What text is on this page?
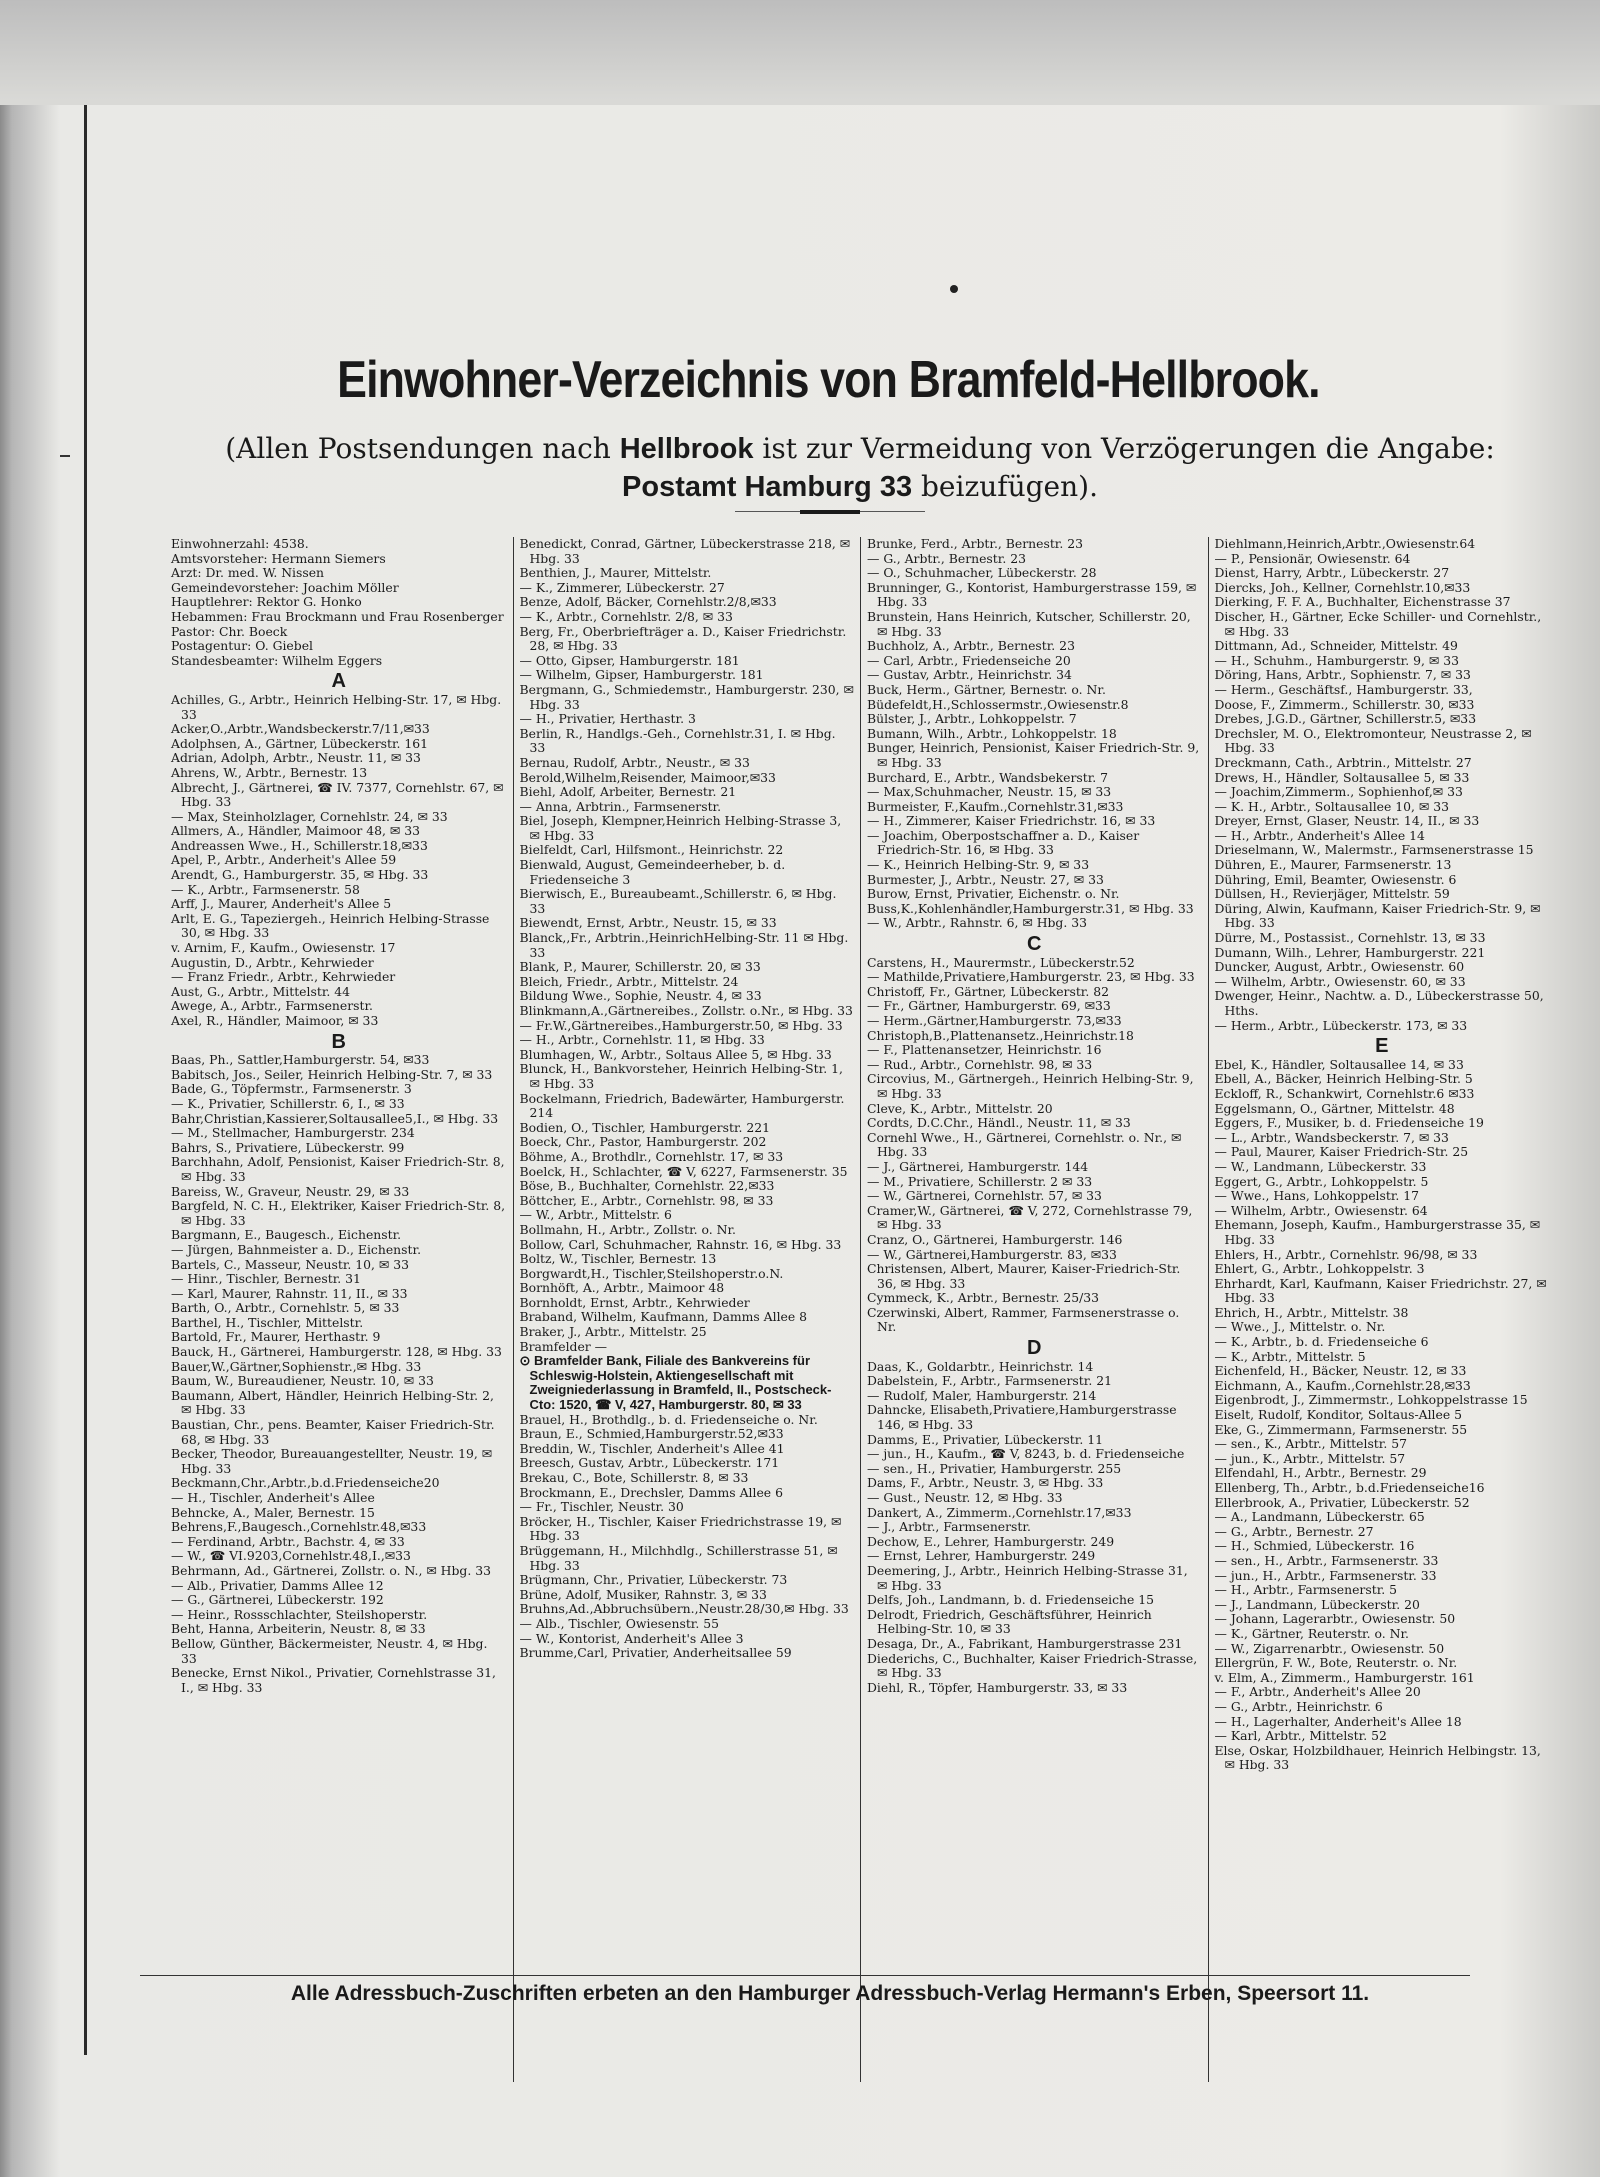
Einwohner-Verzeichnis von Bramfeld-Hellbrook.
(Allen Postsendungen nach Hellbrook ist zur Vermeidung von Verzögerungen die Angabe:
Postamt Hamburg 33 beizufügen).
Einwohnerzahl: 4538.
Amtsvorsteher: Hermann Siemers
Arzt: Dr. med. W. Nissen
Gemeindevorsteher: Joachim Möller
Hauptlehrer: Rektor G. Honko
Hebammen: Frau Brockmann und Frau Rosenberger
Pastor: Chr. Boeck
Postagentur: O. Giebel
Standesbeamter: Wilhelm Eggers
A
Achilles, G., Arbtr., Heinrich Helbing-Str. 17, ✉ Hbg. 33
Acker,O.,Arbtr.,Wandsbeckerstr.7/11,✉33
Adolphsen, A., Gärtner, Lübeckerstr. 161
Adrian, Adolph, Arbtr., Neustr. 11, ✉ 33
Ahrens, W., Arbtr., Bernestr. 13
Albrecht, J., Gärtnerei, ☎ IV. 7377, Cornehlstr. 67, ✉ Hbg. 33
— Max, Steinholzlager, Cornehlstr. 24, ✉ 33
Allmers, A., Händler, Maimoor 48, ✉ 33
Andreassen Wwe., H., Schillerstr.18,✉33
Apel, P., Arbtr., Anderheit's Allee 59
Arendt, G., Hamburgerstr. 35, ✉ Hbg. 33
— K., Arbtr., Farmsenerstr. 58
Arff, J., Maurer, Anderheit's Allee 5
Arlt, E. G., Tapeziergeh., Heinrich Helbing-Strasse 30, ✉ Hbg. 33
v. Arnim, F., Kaufm., Owiesenstr. 17
Augustin, D., Arbtr., Kehrwieder
— Franz Friedr., Arbtr., Kehrwieder
Aust, G., Arbtr., Mittelstr. 44
Awege, A., Arbtr., Farmsenerstr.
Axel, R., Händler, Maimoor, ✉ 33
B
Baas, Ph., Sattler,Hamburgerstr. 54, ✉33
Babitsch, Jos., Seiler, Heinrich Helbing-Str. 7, ✉ 33
Bade, G., Töpfermstr., Farmsenerstr. 3
— K., Privatier, Schillerstr. 6, I., ✉ 33
Bahr,Christian,Kassierer,Soltausallee5,I., ✉ Hbg. 33
— M., Stellmacher, Hamburgerstr. 234
Bahrs, S., Privatiere, Lübeckerstr. 99
Barchhahn, Adolf, Pensionist, Kaiser Friedrich-Str. 8, ✉ Hbg. 33
Bareiss, W., Graveur, Neustr. 29, ✉ 33
Bargfeld, N. C. H., Elektriker, Kaiser Friedrich-Str. 8, ✉ Hbg. 33
Bargmann, E., Baugesch., Eichenstr.
— Jürgen, Bahnmeister a. D., Eichenstr.
Bartels, C., Masseur, Neustr. 10, ✉ 33
— Hinr., Tischler, Bernestr. 31
— Karl, Maurer, Rahnstr. 11, II., ✉ 33
Barth, O., Arbtr., Cornehlstr. 5, ✉ 33
Barthel, H., Tischler, Mittelstr.
Bartold, Fr., Maurer, Herthastr. 9
Bauck, H., Gärtnerei, Hamburgerstr. 128, ✉ Hbg. 33
Bauer,W.,Gärtner,Sophienstr.,✉ Hbg. 33
Baum, W., Bureaudiener, Neustr. 10, ✉ 33
Baumann, Albert, Händler, Heinrich Helbing-Str. 2, ✉ Hbg. 33
Baustian, Chr., pens. Beamter, Kaiser Friedrich-Str. 68, ✉ Hbg. 33
Becker, Theodor, Bureauangestellter, Neustr. 19, ✉ Hbg. 33
Beckmann,Chr.,Arbtr.,b.d.Friedenseiche20
— H., Tischler, Anderheit's Allee
Behncke, A., Maler, Bernestr. 15
Behrens,F.,Baugesch.,Cornehlstr.48,✉33
— Ferdinand, Arbtr., Bachstr. 4, ✉ 33
— W., ☎ VI.9203,Cornehlstr.48,I.,✉33
Behrmann, Ad., Gärtnerei, Zollstr. o. N., ✉ Hbg. 33
— Alb., Privatier, Damms Allee 12
— G., Gärtnerei, Lübeckerstr. 192
— Heinr., Rossschlachter, Steilshoperstr.
Beht, Hanna, Arbeiterin, Neustr. 8, ✉ 33
Bellow, Günther, Bäckermeister, Neustr. 4, ✉ Hbg. 33
Benecke, Ernst Nikol., Privatier, Cornehlstrasse 31, I., ✉ Hbg. 33
Benedickt, Conrad, Gärtner, Lübeckerstrasse 218, ✉ Hbg. 33
Benthien, J., Maurer, Mittelstr.
— K., Zimmerer, Lübeckerstr. 27
Benze, Adolf, Bäcker, Cornehlstr.2/8,✉33
— K., Arbtr., Cornehlstr. 2/8, ✉ 33
Berg, Fr., Oberbriefträger a. D., Kaiser Friedrichstr. 28, ✉ Hbg. 33
— Otto, Gipser, Hamburgerstr. 181
— Wilhelm, Gipser, Hamburgerstr. 181
Bergmann, G., Schmiedemstr., Hamburgerstr. 230, ✉ Hbg. 33
— H., Privatier, Herthastr. 3
Berlin, R., Handlgs.-Geh., Cornehlstr.31, I. ✉ Hbg. 33
Bernau, Rudolf, Arbtr., Neustr., ✉ 33
Berold,Wilhelm,Reisender, Maimoor,✉33
Biehl, Adolf, Arbeiter, Bernestr. 21
— Anna, Arbtrin., Farmsenerstr.
Biel, Joseph, Klempner,Heinrich Helbing-Strasse 3, ✉ Hbg. 33
Bielfeldt, Carl, Hilfsmont., Heinrichstr. 22
Bienwald, August, Gemeindeerheber, b. d. Friedenseiche 3
Bierwisch, E., Bureaubeamt.,Schillerstr. 6, ✉ Hbg. 33
Biewendt, Ernst, Arbtr., Neustr. 15, ✉ 33
Blanck,,Fr., Arbtrin.,HeinrichHelbing-Str. 11 ✉ Hbg. 33
Blank, P., Maurer, Schillerstr. 20, ✉ 33
Bleich, Friedr., Arbtr., Mittelstr. 24
Bildung Wwe., Sophie, Neustr. 4, ✉ 33
Blinkmann,A.,Gärtnereibes., Zollstr. o.Nr., ✉ Hbg. 33
— Fr.W.,Gärtnereibes.,Hamburgerstr.50, ✉ Hbg. 33
— H., Arbtr., Cornehlstr. 11, ✉ Hbg. 33
Blumhagen, W., Arbtr., Soltaus Allee 5, ✉ Hbg. 33
Blunck, H., Bankvorsteher, Heinrich Helbing-Str. 1, ✉ Hbg. 33
Bockelmann, Friedrich, Badewärter, Hamburgerstr. 214
Bodien, O., Tischler, Hamburgerstr. 221
Boeck, Chr., Pastor, Hamburgerstr. 202
Böhme, A., Brothdlr., Cornehlstr. 17, ✉ 33
Boelck, H., Schlachter, ☎ V, 6227, Farmsenerstr. 35
Böse, B., Buchhalter, Cornehlstr. 22,✉33
Böttcher, E., Arbtr., Cornehlstr. 98, ✉ 33
— W., Arbtr., Mittelstr. 6
Bollmahn, H., Arbtr., Zollstr. o. Nr.
Bollow, Carl, Schuhmacher, Rahnstr. 16, ✉ Hbg. 33
Boltz, W., Tischler, Bernestr. 13
Borgwardt,H., Tischler,Steilshoperstr.o.N.
Bornhöft, A., Arbtr., Maimoor 48
Bornholdt, Ernst, Arbtr., Kehrwieder
Braband, Wilhelm, Kaufmann, Damms Allee 8
Braker, J., Arbtr., Mittelstr. 25
Bramfelder —
⊙ Bramfelder Bank, Filiale des Bankvereins für Schleswig-Holstein, Aktiengesellschaft mit Zweigniederlassung in Bramfeld, II., Postscheck-Cto: 1520, ☎ V, 427, Hamburgerstr. 80, ✉ 33
Brauel, H., Brothdlg., b. d. Friedenseiche o. Nr.
Braun, E., Schmied,Hamburgerstr.52,✉33
Breddin, W., Tischler, Anderheit's Allee 41
Breesch, Gustav, Arbtr., Lübeckerstr. 171
Brekau, C., Bote, Schillerstr. 8, ✉ 33
Brockmann, E., Drechsler, Damms Allee 6
— Fr., Tischler, Neustr. 30
Bröcker, H., Tischler, Kaiser Friedrichstrasse 19, ✉ Hbg. 33
Brüggemann, H., Milchhdlg., Schillerstrasse 51, ✉ Hbg. 33
Brügmann, Chr., Privatier, Lübeckerstr. 73
Brüne, Adolf, Musiker, Rahnstr. 3, ✉ 33
Bruhns,Ad.,Abbruchsübern.,Neustr.28/30,✉ Hbg. 33
— Alb., Tischler, Owiesenstr. 55
— W., Kontorist, Anderheit's Allee 3
Brumme,Carl, Privatier, Anderheitsallee 59
Brunke, Ferd., Arbtr., Bernestr. 23
— G., Arbtr., Bernestr. 23
— O., Schuhmacher, Lübeckerstr. 28
Brunninger, G., Kontorist, Hamburgerstrasse 159, ✉ Hbg. 33
Brunstein, Hans Heinrich, Kutscher, Schillerstr. 20, ✉ Hbg. 33
Buchholz, A., Arbtr., Bernestr. 23
— Carl, Arbtr., Friedenseiche 20
— Gustav, Arbtr., Heinrichstr. 34
Buck, Herm., Gärtner, Bernestr. o. Nr.
Büdefeldt,H.,Schlossermstr.,Owiesenstr.8
Bülster, J., Arbtr., Lohkoppelstr. 7
Bumann, Wilh., Arbtr., Lohkoppelstr. 18
Bunger, Heinrich, Pensionist, Kaiser Friedrich-Str. 9, ✉ Hbg. 33
Burchard, E., Arbtr., Wandsbekerstr. 7
— Max,Schuhmacher, Neustr. 15, ✉ 33
Burmeister, F.,Kaufm.,Cornehlstr.31,✉33
— H., Zimmerer, Kaiser Friedrichstr. 16, ✉ 33
— Joachim, Oberpostschaffner a. D., Kaiser Friedrich-Str. 16, ✉ Hbg. 33
— K., Heinrich Helbing-Str. 9, ✉ 33
Burmester, J., Arbtr., Neustr. 27, ✉ 33
Burow, Ernst, Privatier, Eichenstr. o. Nr.
Buss,K.,Kohlenhändler,Hamburgerstr.31, ✉ Hbg. 33
— W., Arbtr., Rahnstr. 6, ✉ Hbg. 33
C
Carstens, H., Maurermstr., Lübeckerstr.52
— Mathilde,Privatiere,Hamburgerstr. 23, ✉ Hbg. 33
Christoff, Fr., Gärtner, Lübeckerstr. 82
— Fr., Gärtner, Hamburgerstr. 69, ✉33
— Herm.,Gärtner,Hamburgerstr. 73,✉33
Christoph,B.,Plattenansetz.,Heinrichstr.18
— F., Plattenansetzer, Heinrichstr. 16
— Rud., Arbtr., Cornehlstr. 98, ✉ 33
Circovius, M., Gärtnergeh., Heinrich Helbing-Str. 9, ✉ Hbg. 33
Cleve, K., Arbtr., Mittelstr. 20
Cordts, D.C.Chr., Händl., Neustr. 11, ✉ 33
Cornehl Wwe., H., Gärtnerei, Cornehlstr. o. Nr., ✉ Hbg. 33
— J., Gärtnerei, Hamburgerstr. 144
— M., Privatiere, Schillerstr. 2 ✉ 33
— W., Gärtnerei, Cornehlstr. 57, ✉ 33
Cramer,W., Gärtnerei, ☎ V, 272, Cornehlstrasse 79, ✉ Hbg. 33
Cranz, O., Gärtnerei, Hamburgerstr. 146
— W., Gärtnerei,Hamburgerstr. 83, ✉33
Christensen, Albert, Maurer, Kaiser-Friedrich-Str. 36, ✉ Hbg. 33
Cymmeck, K., Arbtr., Bernestr. 25/33
Czerwinski, Albert, Rammer, Farmsenerstrasse o. Nr.
D
Daas, K., Goldarbtr., Heinrichstr. 14
Dabelstein, F., Arbtr., Farmsenerstr. 21
— Rudolf, Maler, Hamburgerstr. 214
Dahncke, Elisabeth,Privatiere,Hamburgerstrasse 146, ✉ Hbg. 33
Damms, E., Privatier, Lübeckerstr. 11
— jun., H., Kaufm., ☎ V, 8243, b. d. Friedenseiche
— sen., H., Privatier, Hamburgerstr. 255
Dams, F., Arbtr., Neustr. 3, ✉ Hbg. 33
— Gust., Neustr. 12, ✉ Hbg. 33
Dankert, A., Zimmerm.,Cornehlstr.17,✉33
— J., Arbtr., Farmsenerstr.
Dechow, E., Lehrer, Hamburgerstr. 249
— Ernst, Lehrer, Hamburgerstr. 249
Deemering, J., Arbtr., Heinrich Helbing-Strasse 31, ✉ Hbg. 33
Delfs, Joh., Landmann, b. d. Friedenseiche 15
Delrodt, Friedrich, Geschäftsführer, Heinrich Helbing-Str. 10, ✉ 33
Desaga, Dr., A., Fabrikant, Hamburgerstrasse 231
Diederichs, C., Buchhalter, Kaiser Friedrich-Strasse, ✉ Hbg. 33
Diehl, R., Töpfer, Hamburgerstr. 33, ✉ 33
Diehlmann,Heinrich,Arbtr.,Owiesenstr.64
— P., Pensionär, Owiesenstr. 64
Dienst, Harry, Arbtr., Lübeckerstr. 27
Diercks, Joh., Kellner, Cornehlstr.10,✉33
Dierking, F. F. A., Buchhalter, Eichenstrasse 37
Discher, H., Gärtner, Ecke Schiller- und Cornehlstr., ✉ Hbg. 33
Dittmann, Ad., Schneider, Mittelstr. 49
— H., Schuhm., Hamburgerstr. 9, ✉ 33
Döring, Hans, Arbtr., Sophienstr. 7, ✉ 33
— Herm., Geschäftsf., Hamburgerstr. 33,
Doose, F., Zimmerm., Schillerstr. 30, ✉33
Drebes, J.G.D., Gärtner, Schillerstr.5, ✉33
Drechsler, M. O., Elektromonteur, Neustrasse 2, ✉ Hbg. 33
Dreckmann, Cath., Arbtrin., Mittelstr. 27
Drews, H., Händler, Soltausallee 5, ✉ 33
— Joachim,Zimmerm., Sophienhof,✉ 33
— K. H., Arbtr., Soltausallee 10, ✉ 33
Dreyer, Ernst, Glaser, Neustr. 14, II., ✉ 33
— H., Arbtr., Anderheit's Allee 14
Drieselmann, W., Malermstr., Farmsenerstrasse 15
Dühren, E., Maurer, Farmsenerstr. 13
Dühring, Emil, Beamter, Owiesenstr. 6
Düllsen, H., Revierjäger, Mittelstr. 59
Düring, Alwin, Kaufmann, Kaiser Friedrich-Str. 9, ✉ Hbg. 33
Dürre, M., Postassist., Cornehlstr. 13, ✉ 33
Dumann, Wilh., Lehrer, Hamburgerstr. 221
Duncker, August, Arbtr., Owiesenstr. 60
— Wilhelm, Arbtr., Owiesenstr. 60, ✉ 33
Dwenger, Heinr., Nachtw. a. D., Lübeckerstrasse 50, Hths.
— Herm., Arbtr., Lübeckerstr. 173, ✉ 33
E
Ebel, K., Händler, Soltausallee 14, ✉ 33
Ebell, A., Bäcker, Heinrich Helbing-Str. 5
Eckloff, R., Schankwirt, Cornehlstr.6 ✉33
Eggelsmann, O., Gärtner, Mittelstr. 48
Eggers, F., Musiker, b. d. Friedenseiche 19
— L., Arbtr., Wandsbeckerstr. 7, ✉ 33
— Paul, Maurer, Kaiser Friedrich-Str. 25
— W., Landmann, Lübeckerstr. 33
Eggert, G., Arbtr., Lohkoppelstr. 5
— Wwe., Hans, Lohkoppelstr. 17
— Wilhelm, Arbtr., Owiesenstr. 64
Ehemann, Joseph, Kaufm., Hamburgerstrasse 35, ✉ Hbg. 33
Ehlers, H., Arbtr., Cornehlstr. 96/98, ✉ 33
Ehlert, G., Arbtr., Lohkoppelstr. 3
Ehrhardt, Karl, Kaufmann, Kaiser Friedrichstr. 27, ✉ Hbg. 33
Ehrich, H., Arbtr., Mittelstr. 38
— Wwe., J., Mittelstr. o. Nr.
— K., Arbtr., b. d. Friedenseiche 6
— K., Arbtr., Mittelstr. 5
Eichenfeld, H., Bäcker, Neustr. 12, ✉ 33
Eichmann, A., Kaufm.,Cornehlstr.28,✉33
Eigenbrodt, J., Zimmermstr., Lohkoppelstrasse 15
Eiselt, Rudolf, Konditor, Soltaus-Allee 5
Eke, G., Zimmermann, Farmsenerstr. 55
— sen., K., Arbtr., Mittelstr. 57
— jun., K., Arbtr., Mittelstr. 57
Elfendahl, H., Arbtr., Bernestr. 29
Ellenberg, Th., Arbtr., b.d.Friedenseiche16
Ellerbrook, A., Privatier, Lübeckerstr. 52
— A., Landmann, Lübeckerstr. 65
— G., Arbtr., Bernestr. 27
— H., Schmied, Lübeckerstr. 16
— sen., H., Arbtr., Farmsenerstr. 33
— jun., H., Arbtr., Farmsenerstr. 33
— H., Arbtr., Farmsenerstr. 5
— J., Landmann, Lübeckerstr. 20
— Johann, Lagerarbtr., Owiesenstr. 50
— K., Gärtner, Reuterstr. o. Nr.
— W., Zigarrenarbtr., Owiesenstr. 50
Ellergrün, F. W., Bote, Reuterstr. o. Nr.
v. Elm, A., Zimmerm., Hamburgerstr. 161
— F., Arbtr., Anderheit's Allee 20
— G., Arbtr., Heinrichstr. 6
— H., Lagerhalter, Anderheit's Allee 18
— Karl, Arbtr., Mittelstr. 52
Else, Oskar, Holzbildhauer, Heinrich Helbingstr. 13, ✉ Hbg. 33
Alle Adressbuch-Zuschriften erbeten an den Hamburger Adressbuch-Verlag Hermann's Erben, Speersort 11.
